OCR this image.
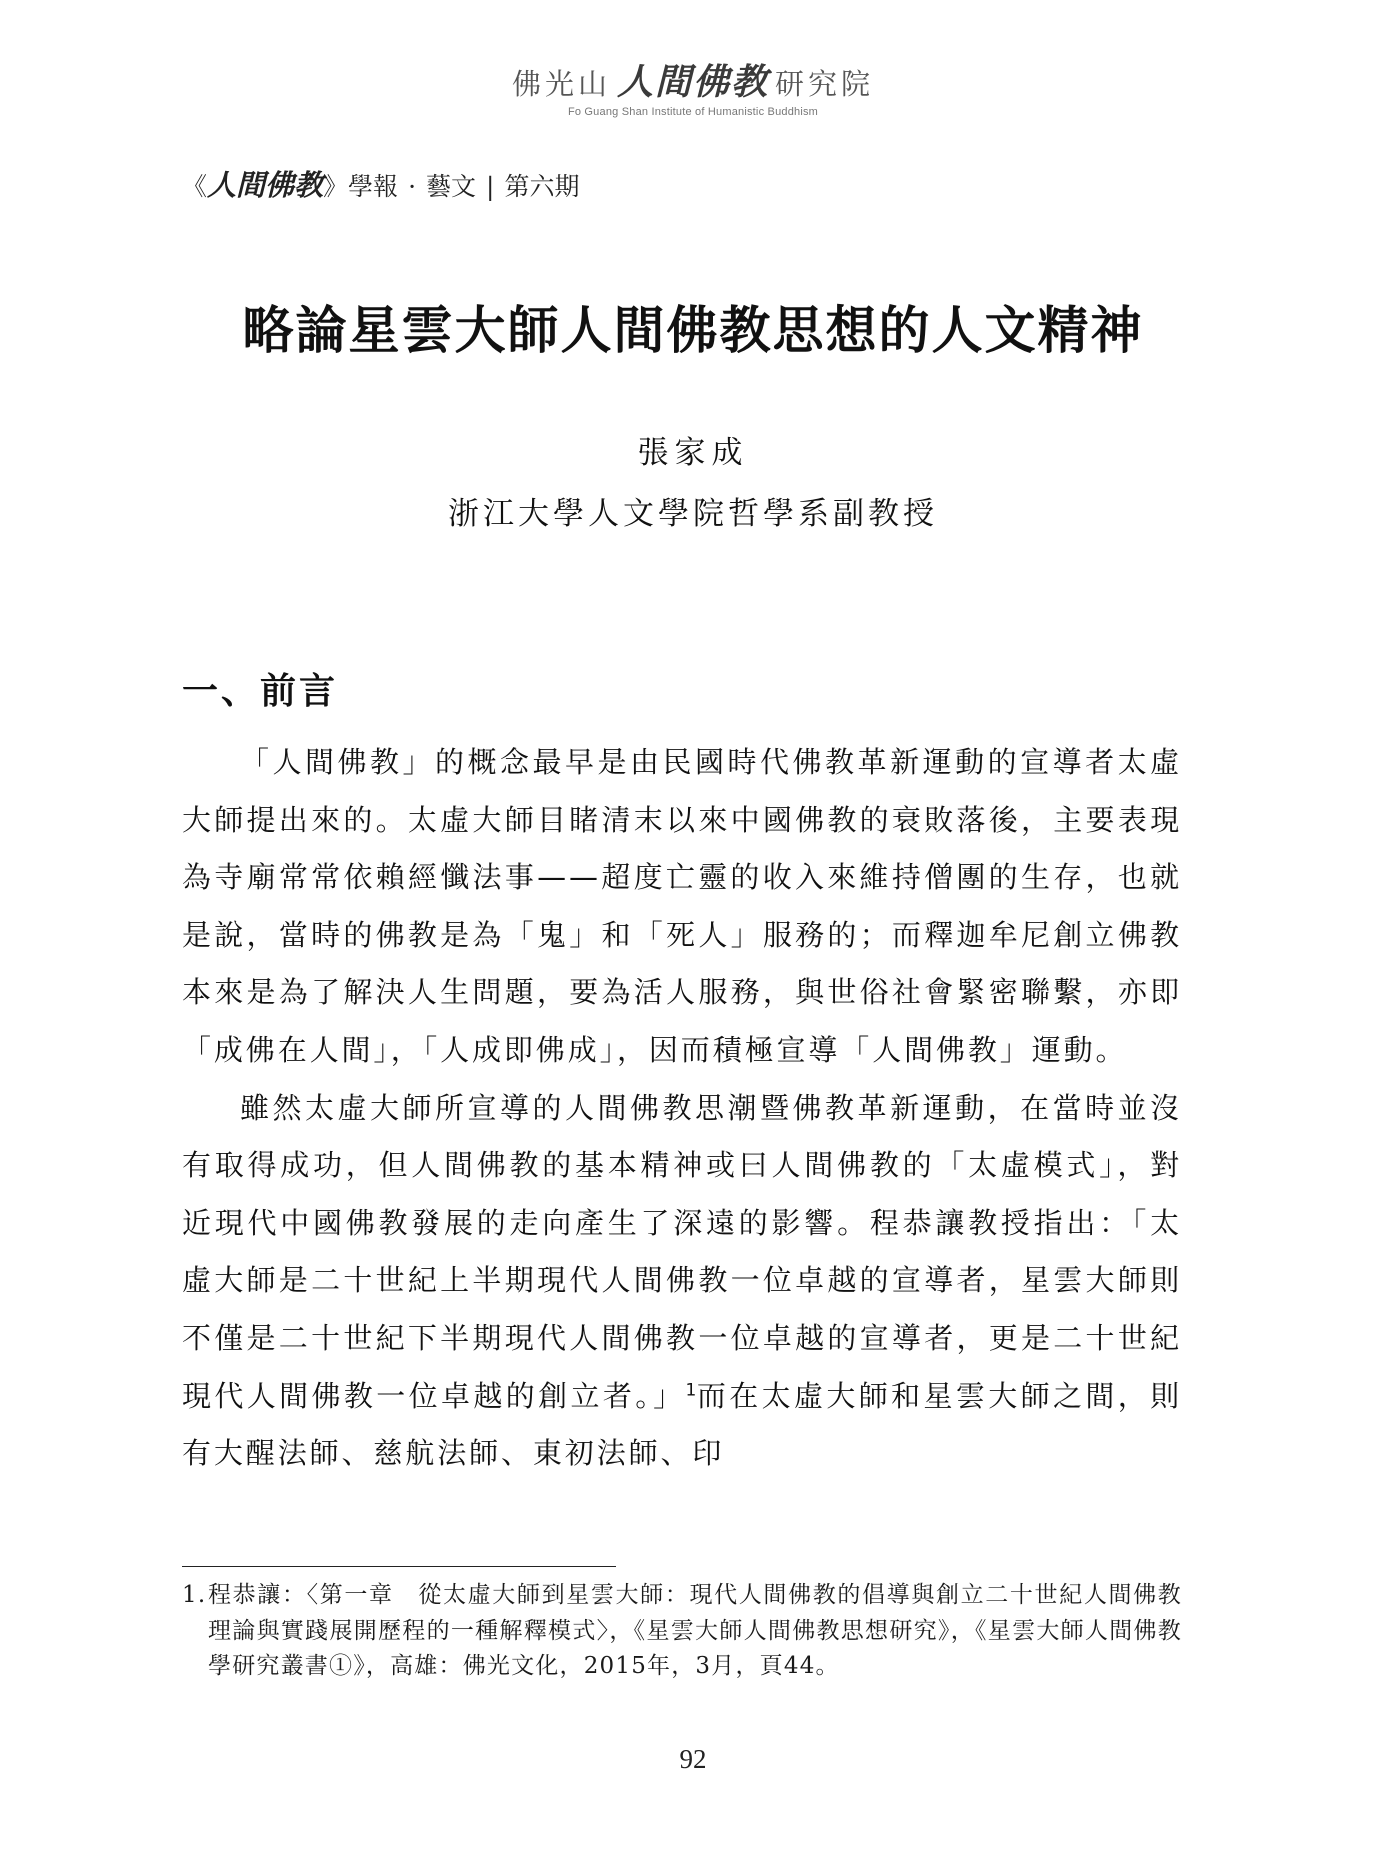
佛光山 人間佛教 研究院
Fo Guang Shan Institute of Humanistic Buddhism
《人間佛教》學報 · 藝文 | 第六期
略論星雲大師人間佛教思想的人文精神
張家成
浙江大學人文學院哲學系副教授
一、前言

「人間佛教」的概念最早是由民國時代佛教革新運動的宣導者太虛大師提出來的。太虛大師目睹清末以來中國佛教的衰敗落後，主要表現為寺廟常常依賴經懺法事——超度亡靈的收入來維持僧團的生存，也就是說，當時的佛教是為「鬼」和「死人」服務的；而釋迦牟尼創立佛教本來是為了解決人生問題，要為活人服務，與世俗社會緊密聯繫，亦即「成佛在人間」，「人成即佛成」，因而積極宣導「人間佛教」運動。

雖然太虛大師所宣導的人間佛教思潮暨佛教革新運動，在當時並沒有取得成功，但人間佛教的基本精神或曰人間佛教的「太虛模式」，對近現代中國佛教發展的走向產生了深遠的影響。程恭讓教授指出：「太虛大師是二十世紀上半期現代人間佛教一位卓越的宣導者，星雲大師則不僅是二十世紀下半期現代人間佛教一位卓越的宣導者，更是二十世紀現代人間佛教一位卓越的創立者。」$^1$而在太虛大師和星雲大師之間，則有大醒法師、慈航法師、東初法師、印

1. 程恭讓：〈第一章　從太虛大師到星雲大師：現代人間佛教的倡導與創立二十世紀人間佛教理論與實踐展開歷程的一種解釋模式〉，《星雲大師人間佛教思想研究》，《星雲大師人間佛教學研究叢書①》，高雄：佛光文化，2015年，3月，頁44。
92
